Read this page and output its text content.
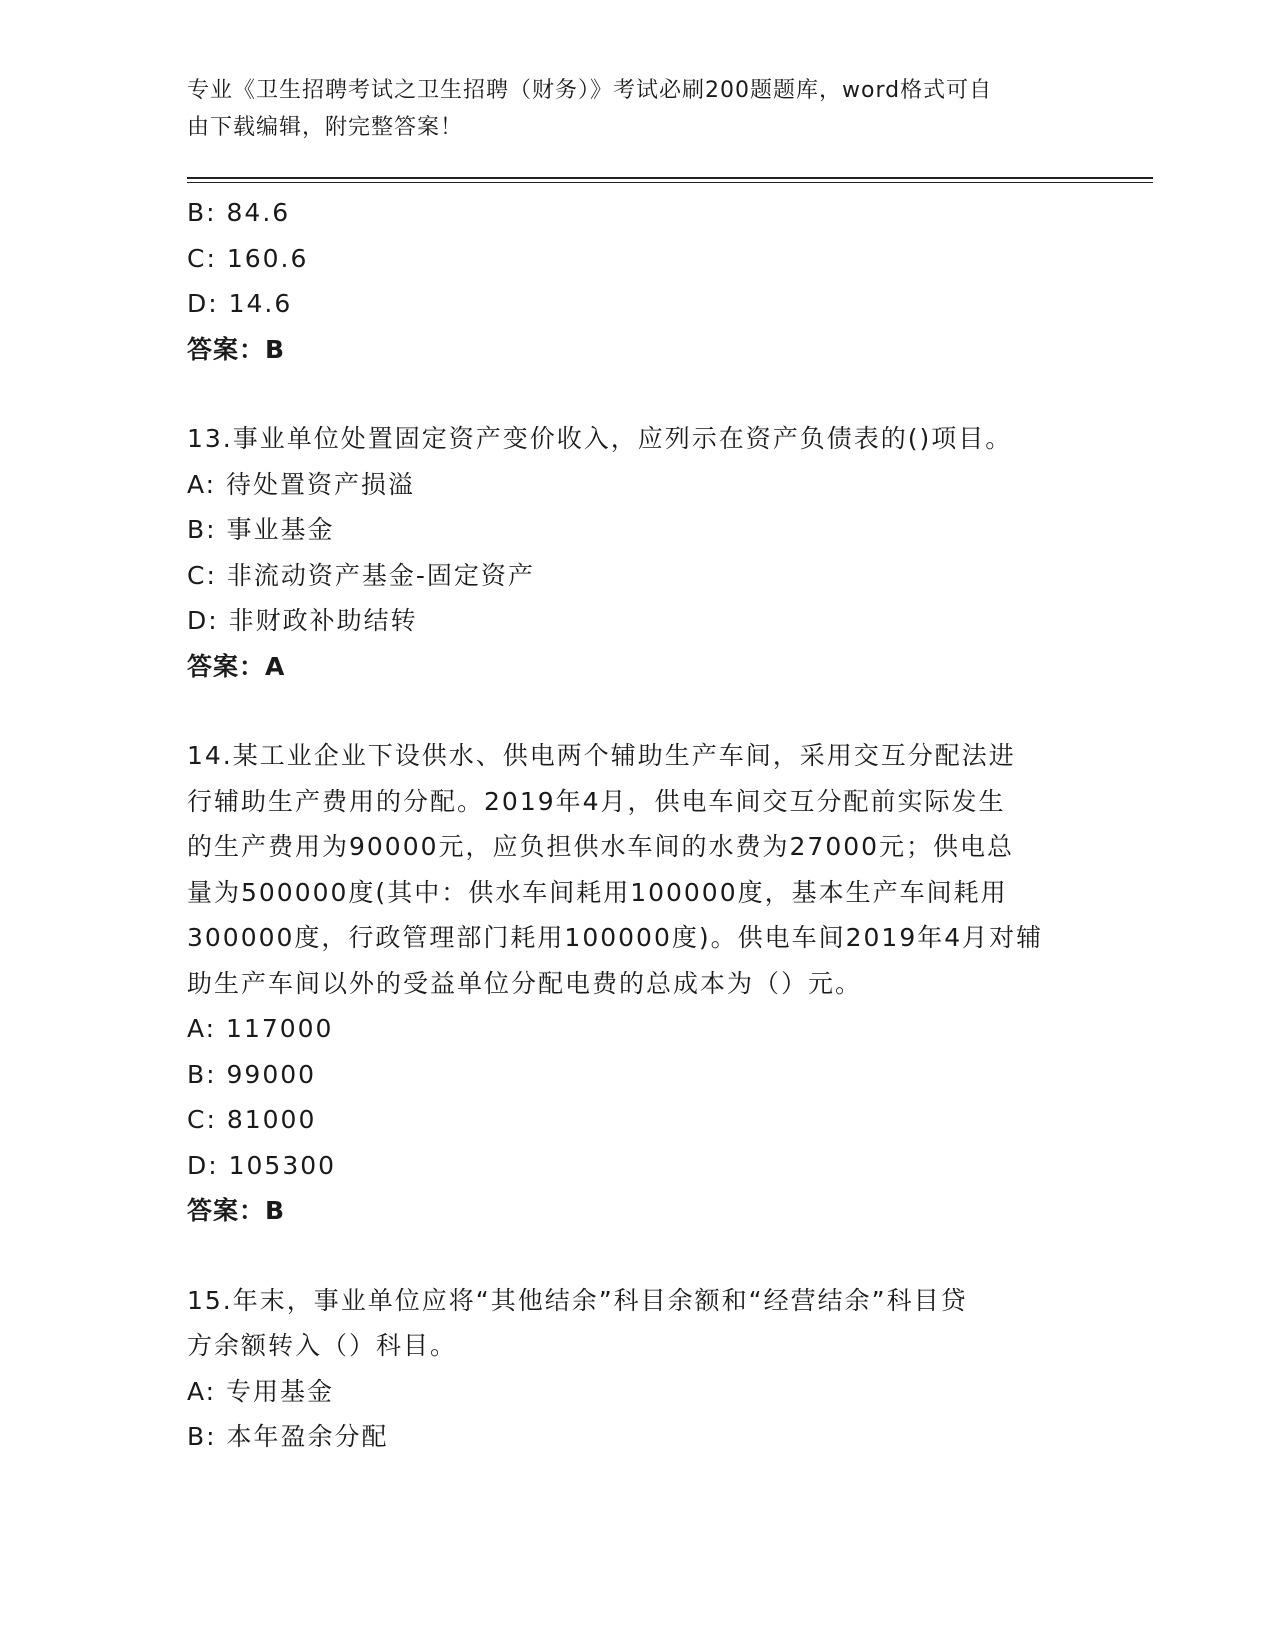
专业《卫生招聘考试之卫生招聘（财务）》考试必刷200题题库，word格式可自
由下载编辑，附完整答案！
B: 84.6
C: 160.6
D: 14.6
答案：B
13.事业单位处置固定资产变价收入，应列示在资产负债表的()项目。
A: 待处置资产损溢
B: 事业基金
C: 非流动资产基金-固定资产
D: 非财政补助结转
答案：A
14.某工业企业下设供水、供电两个辅助生产车间，采用交互分配法进
行辅助生产费用的分配。2019年4月，供电车间交互分配前实际发生
的生产费用为90000元，应负担供水车间的水费为27000元；供电总
量为500000度(其中：供水车间耗用100000度，基本生产车间耗用
300000度，行政管理部门耗用100000度)。供电车间2019年4月对辅
助生产车间以外的受益单位分配电费的总成本为（）元。
A: 117000
B: 99000
C: 81000
D: 105300
答案：B
15.年末，事业单位应将“其他结余”科目余额和“经营结余”科目贷
方余额转入（）科目。
A: 专用基金
B: 本年盈余分配
